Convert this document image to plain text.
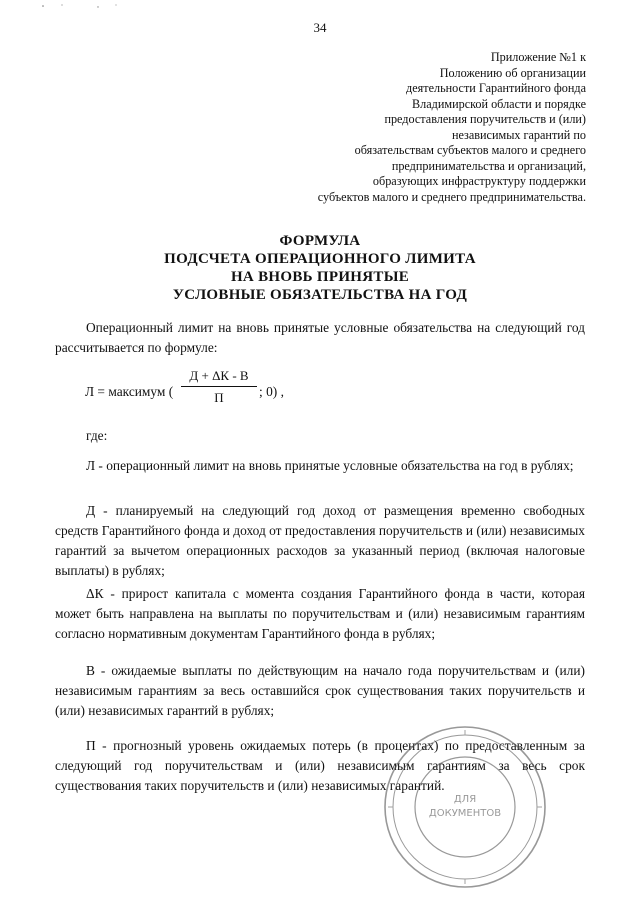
34
Приложение №1 к
Положению об организации
деятельности Гарантийного фонда
Владимирской области и порядке
предоставления поручительств и (или)
независимых гарантий по
обязательствам субъектов малого и среднего
предпринимательства и организаций,
образующих инфраструктуру поддержки
субъектов малого и среднего предпринимательства.
ФОРМУЛА
ПОДСЧЕТА ОПЕРАЦИОННОГО ЛИМИТА
НА ВНОВЬ ПРИНЯТЫЕ
УСЛОВНЫЕ ОБЯЗАТЕЛЬСТВА НА ГОД
Операционный лимит на вновь принятые условные обязательства на следующий год рассчитывается по формуле:
Л = максимум (
Д + ΔК - В
П	; 0) ,
где:
Л - операционный лимит на вновь принятые условные обязательства на год в рублях;
Д - планируемый на следующий год доход от размещения временно свободных средств Гарантийного фонда и доход от предоставления поручительств и (или) независимых гарантий за вычетом операционных расходов за указанный период (включая налоговые выплаты) в рублях;
ΔК - прирост капитала с момента создания Гарантийного фонда в части, которая может быть направлена на выплаты по поручительствам и (или) независимым гарантиям согласно нормативным документам Гарантийного фонда в рублях;
В - ожидаемые выплаты по действующим на начало года поручительствам и (или) независимым гарантиям за весь оставшийся срок существования таких поручительств и (или) независимых гарантий в рублях;
П - прогнозный уровень ожидаемых потерь (в процентах) по предоставленным за следующий год поручительствам и (или) независимым гарантиям за весь срок существования таких поручительств и (или) независимых гарантий.
ДЛЯ
ДОКУМЕНТОВ
